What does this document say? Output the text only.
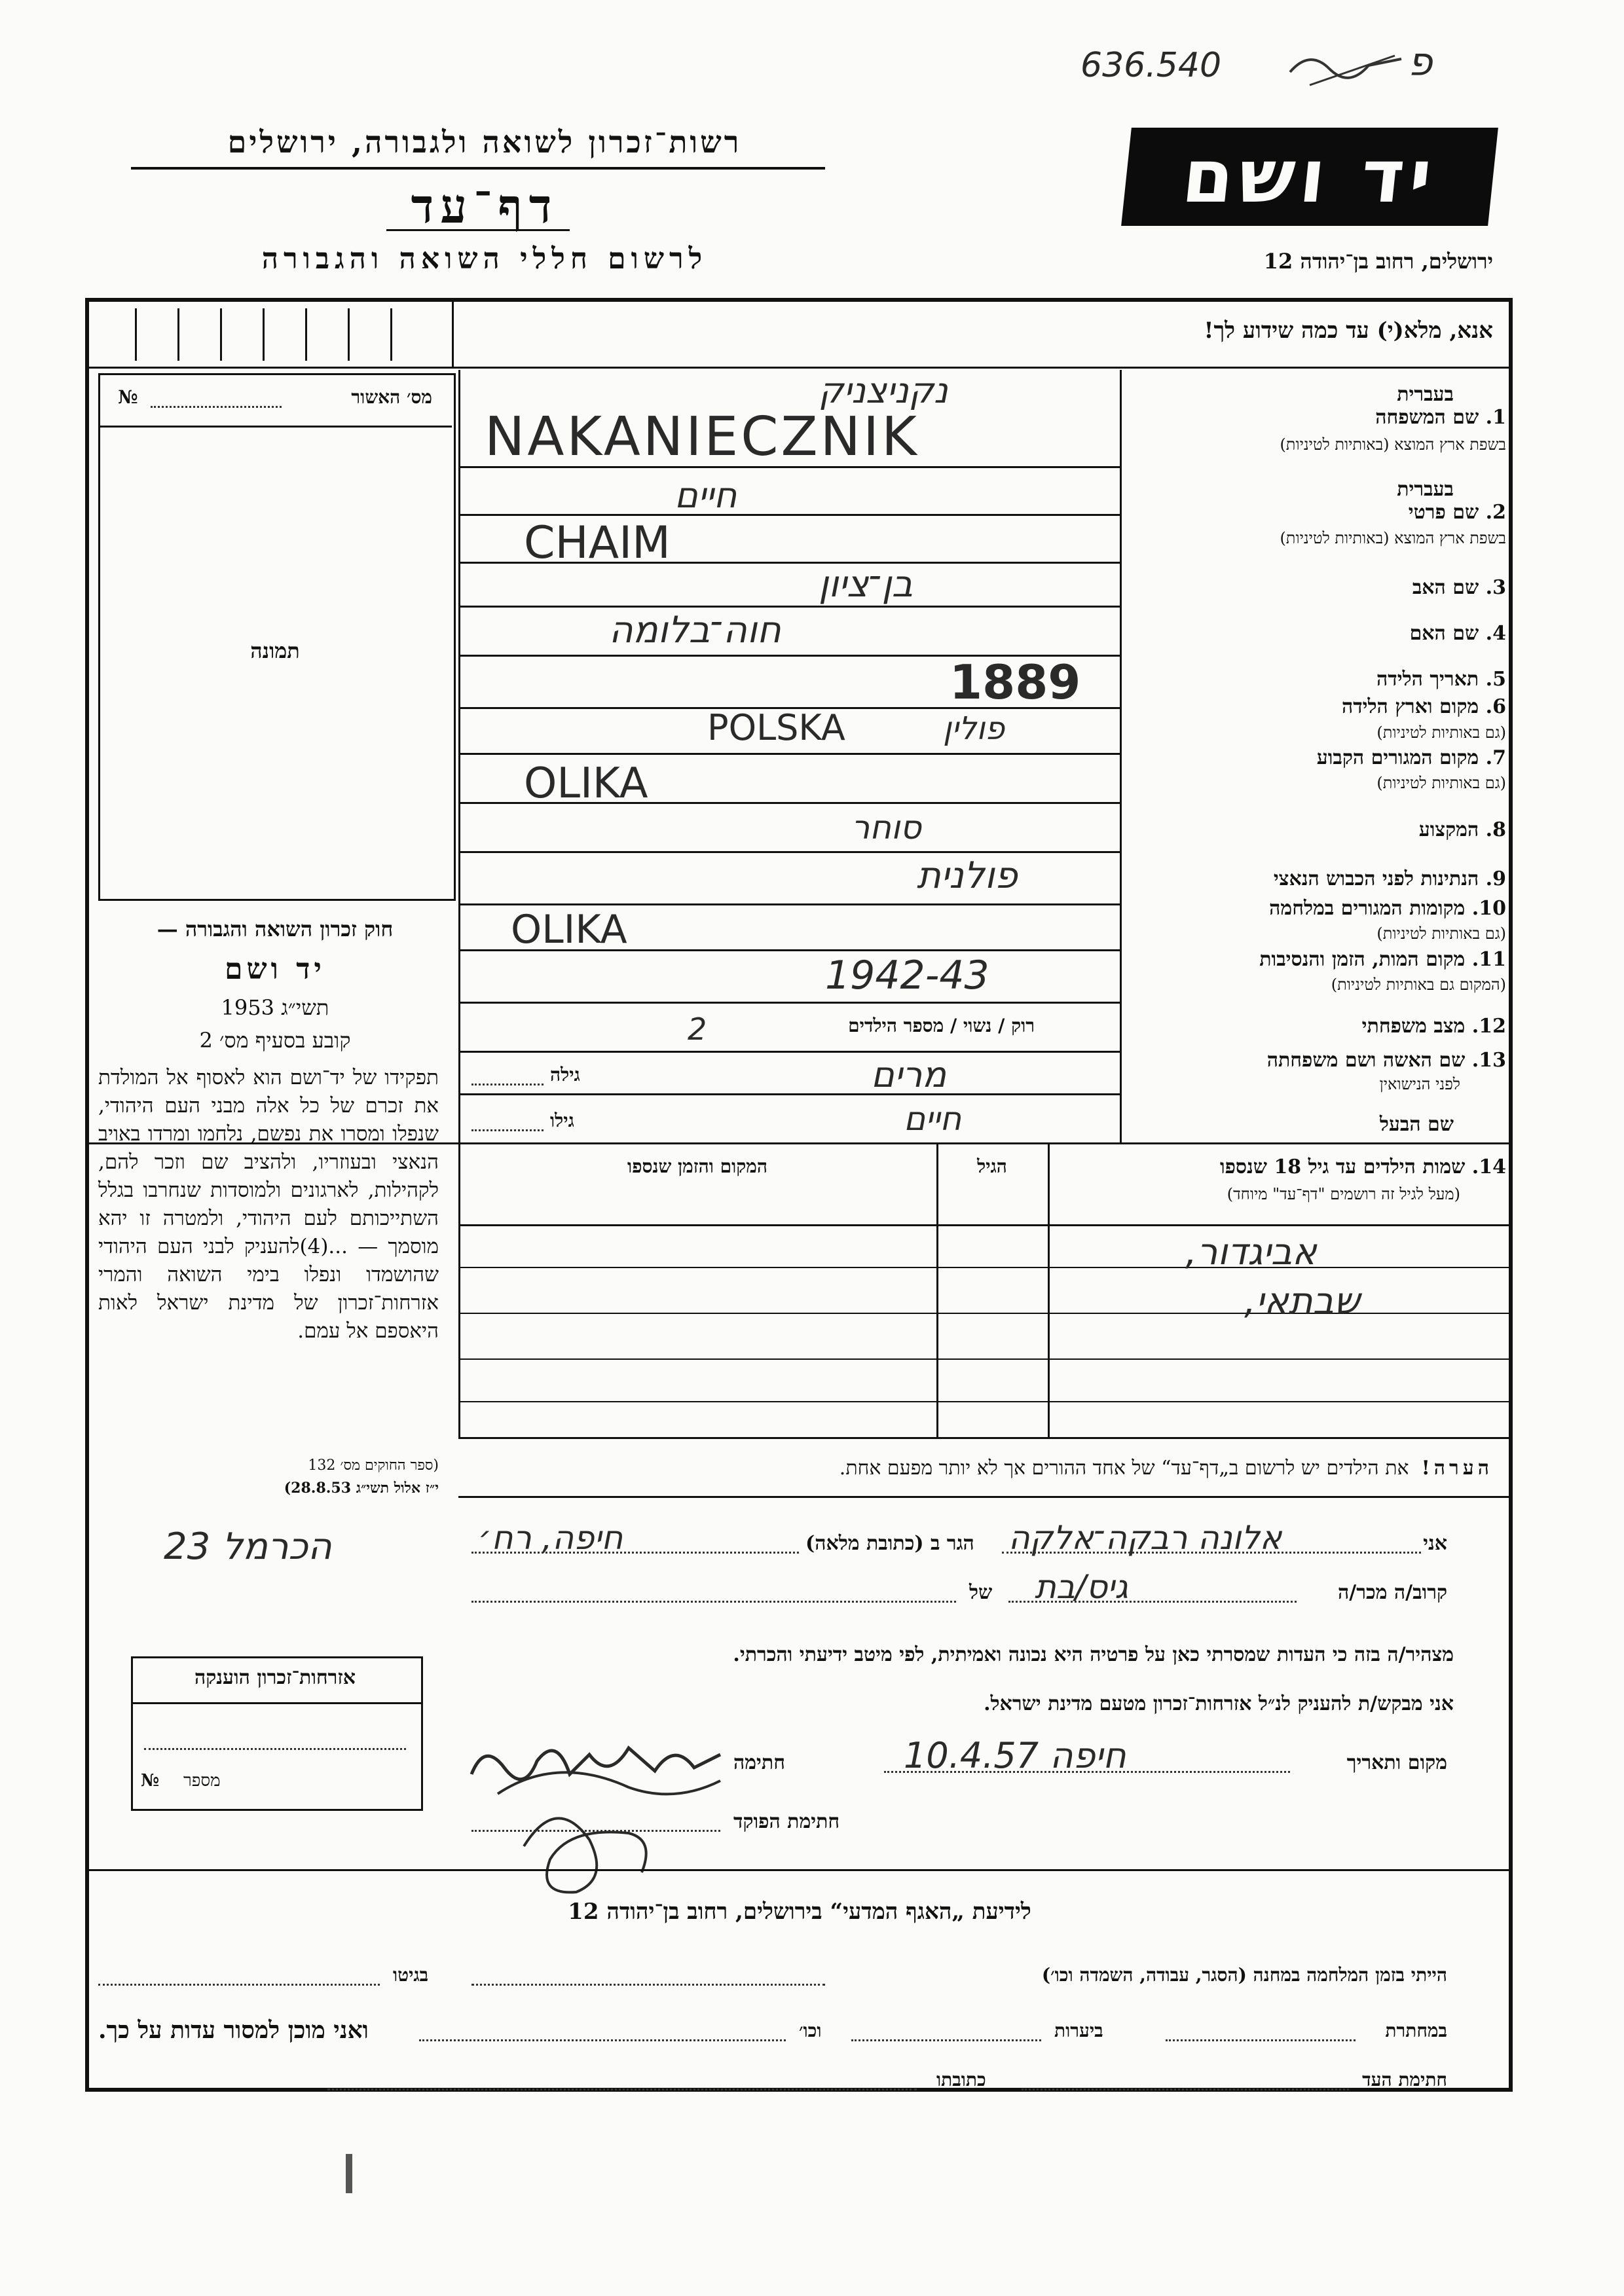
636.540	פ
רשות־זכרון לשואה ולגבורה, ירושלים
דף־עד
לרשום חללי השואה והגבורה
יד ושם
ירושלים, רחוב בן־יהודה 12
אנא, מלא(י) עד כמה שידוע לך!
מס׳ האשור
№
תמונה
חוק זכרון השואה והגבורה —
יד ושם
תשי״ג 1953
קובע בסעיף מס׳ 2
תפקידו של יד־ושם הוא לאסוף אל המולדת את זכרם של כל אלה מבני העם היהודי, שנפלו ומסרו את נפשם, נלחמו ומרדו באויב הנאצי ובעוזריו, ולהציב שם וזכר להם, לקהילות, לארגונים ולמוסדות שנחרבו בגלל השתייכותם לעם היהודי, ולמטרה זו יהא מוסמך — ...(4)להעניק לבני העם היהודי שהושמדו ונפלו בימי השואה והמרי אזרחות־זכרון של מדינת ישראל לאות היאספם אל עמם.
(ספר החוקים מס׳ 132
י״ז אלול תשי״ג 28.8.53)
אזרחות־זכרון הוענקה
מספר
№
בעברית
1. שם המשפחה
בשפת ארץ המוצא (באותיות לטיניות)
נקניצניק
NAKANIECZNIK
בעברית
2. שם פרטי
בשפת ארץ המוצא (באותיות לטיניות)
חיים
CHAIM
3. שם האב
בן־ציון
4. שם האם
חוה־בלומה
5. תאריך הלידה
1889	6. מקום וארץ הלידה
(גם באותיות לטיניות)
POLSKA	פולין
7. מקום המגורים הקבוע
(גם באותיות לטיניות)
OLIKA
8. המקצוע
סוחר
9. הנתינות לפני הכבוש הנאצי
פולנית
10. מקומות המגורים במלחמה
(גם באותיות לטיניות)
OLIKA
11. מקום המות, הזמן והנסיבות
(המקום גם באותיות לטיניות)
1942-43
12. מצב משפחתי
רוק / נשוי / מספר הילדים
2
13. שם האשה ושם משפחתה
לפני הנישואין
גילה	מרים
שם הבעל
גילו	חיים
14. שמות הילדים עד גיל 18 שנספו
(מעל לגיל זה רושמים "דף־עד" מיוחד)
הגיל
המקום והזמן שנספו
אביגדור,
שבתאי,
הערה!  את הילדים יש לרשום ב„דף־עד“ של אחד ההורים אך לא יותר מפעם אחת.
אני
אלונה רבקה־אלקה
הגר ב (כתובת מלאה)
חיפה, רח׳
הכרמל 23
קרוב/ה מכר/ה
גיס/בת
של
מצהיר/ה בזה כי העדות שמסרתי כאן על פרטיה היא נכונה ואמיתית, לפי מיטב ידיעתי והכרתי.
אני מבקש/ת להעניק לנ״ל אזרחות־זכרון מטעם מדינת ישראל.
מקום ותאריך
חיפה 10.4.57
חתימה
חתימת הפוקד
לידיעת „האגף המדעי“ בירושלים, רחוב בן־יהודה 12
הייתי בזמן המלחמה במחנה (הסגר, עבודה, השמדה וכו׳)
בגיטו
במחתרת
ביערות
וכו׳
ואני מוכן למסור עדות על כך.
חתימת העד
כתובתו
